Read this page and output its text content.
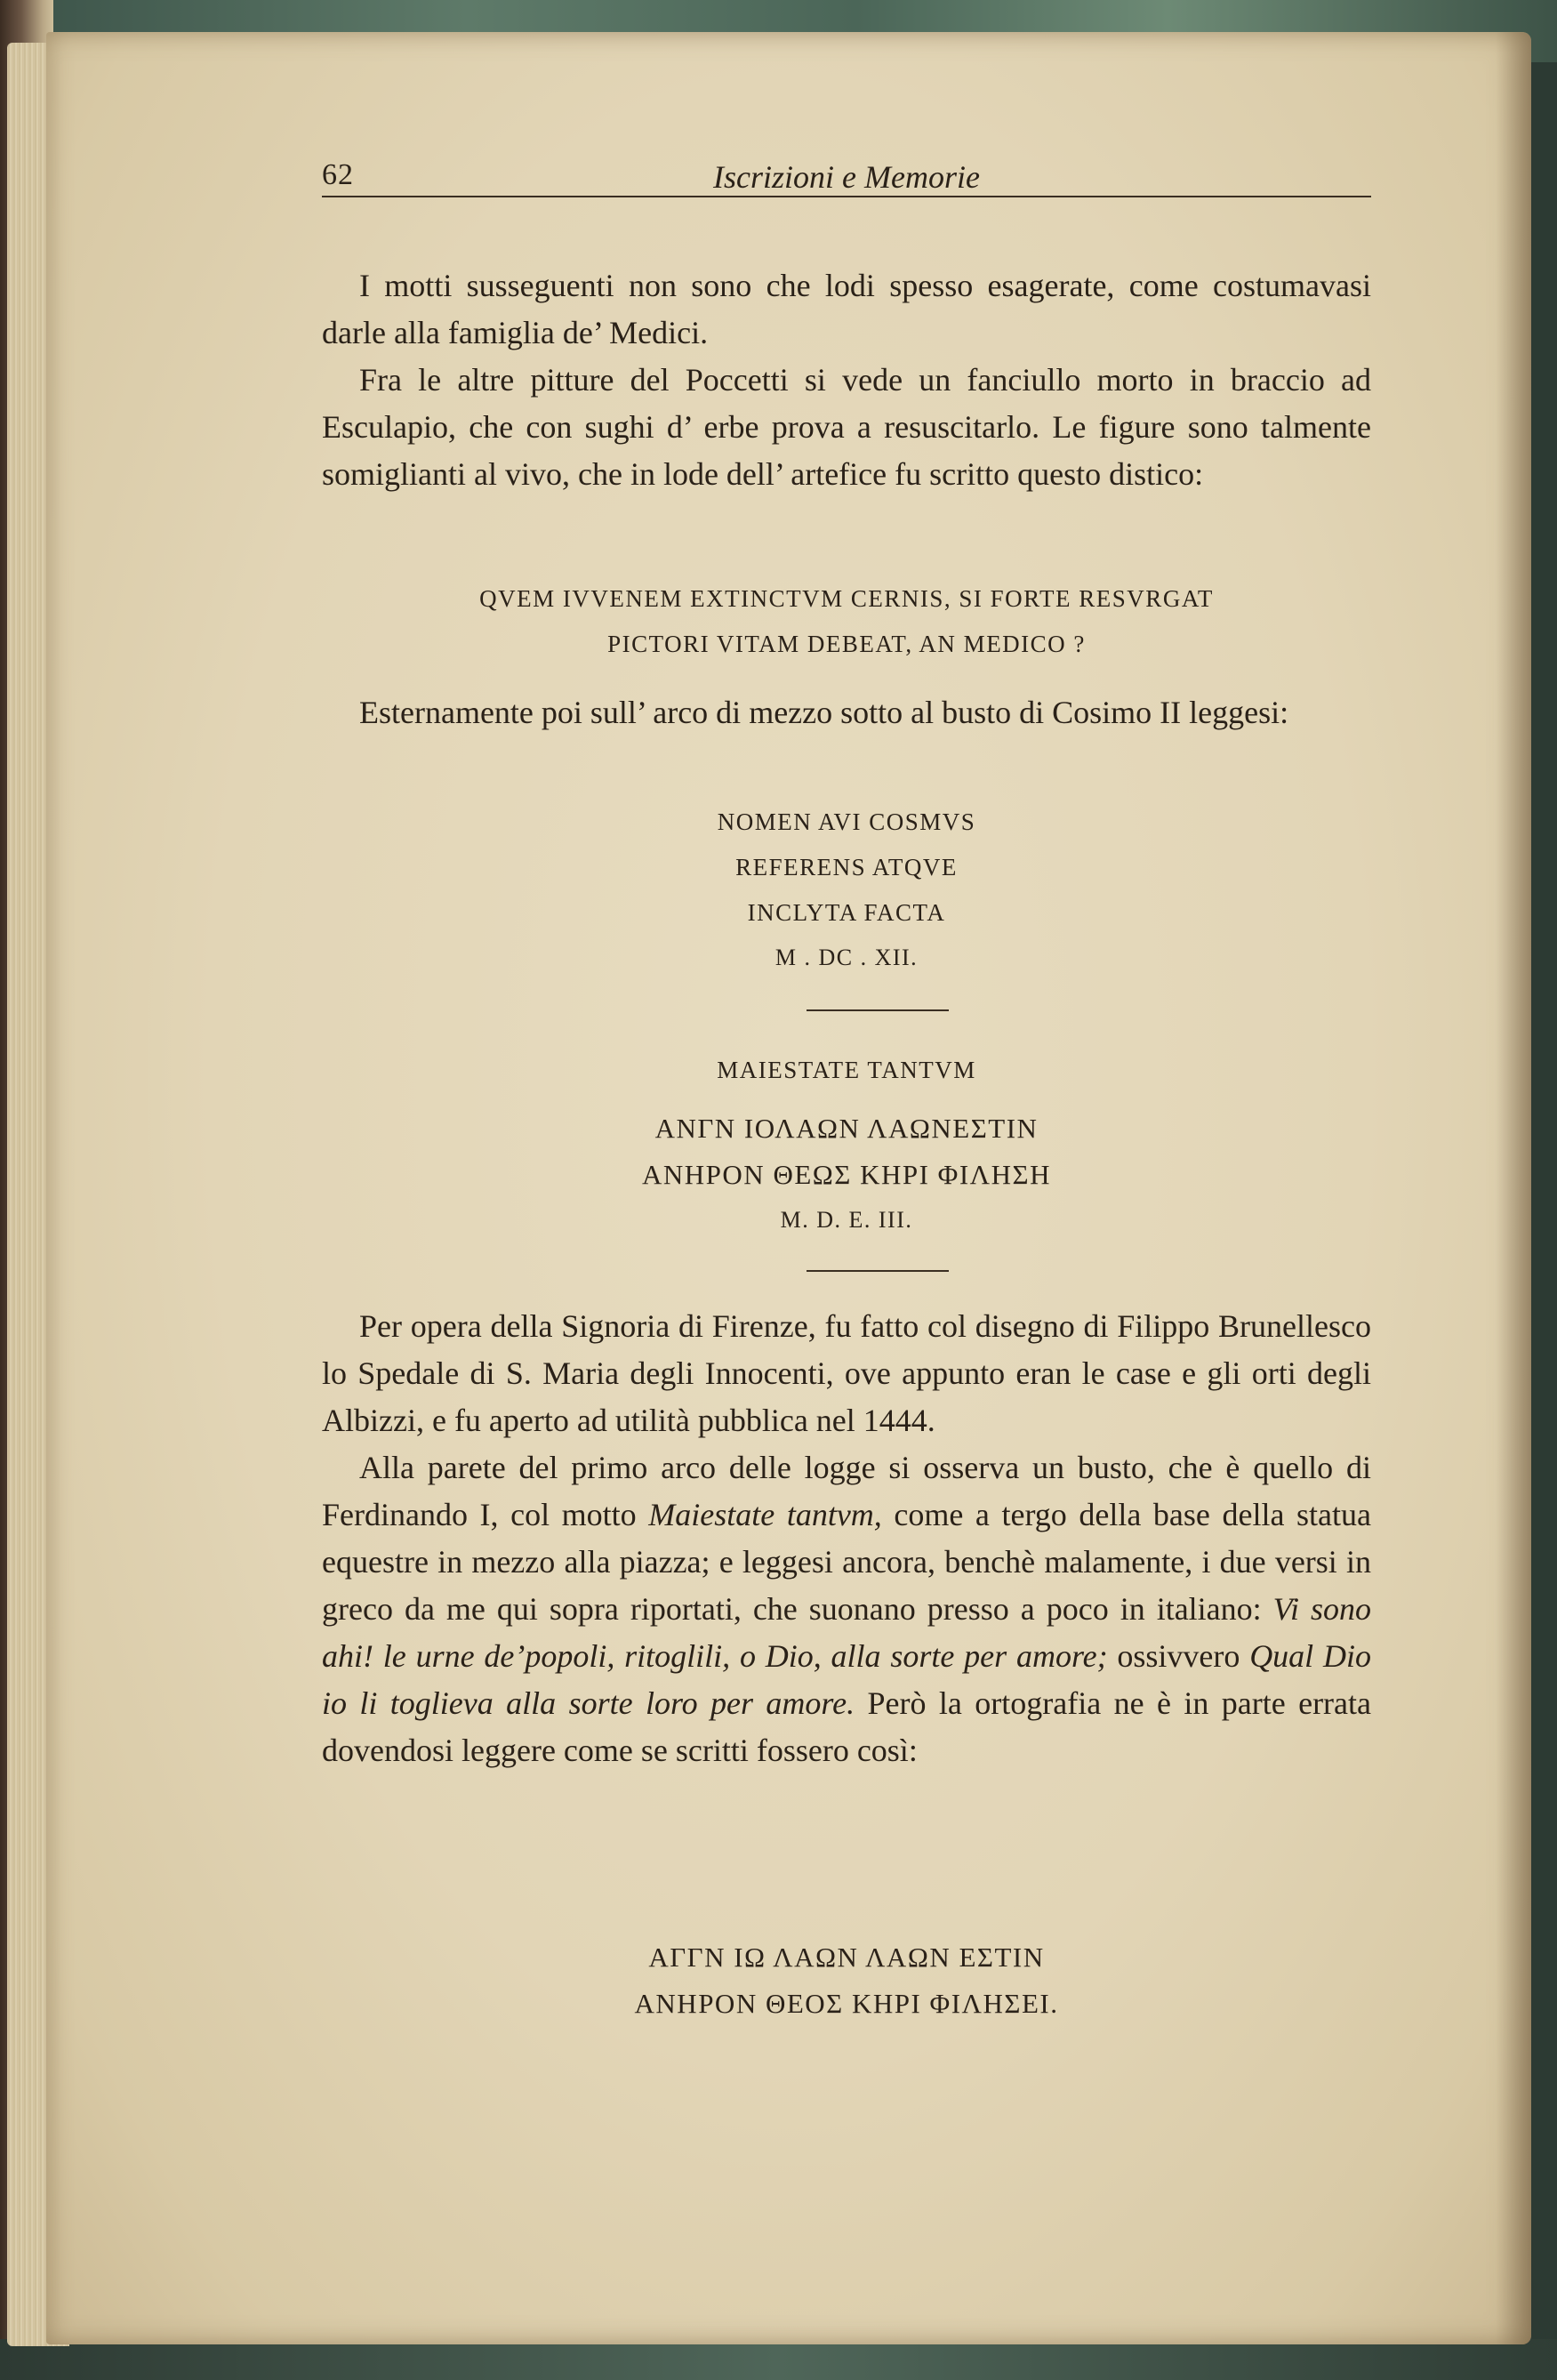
62	Iscrizioni e Memorie

I motti susseguenti non sono che lodi spesso esagerate, come costumavasi darle alla famiglia de’ Medici.

Fra le altre pitture del Poccetti si vede un fanciullo morto in braccio ad Esculapio, che con sughi d’ erbe prova a resuscitarlo. Le figure sono talmente somiglianti al vivo, che in lode dell’ artefice fu scritto questo distico:

QVEM IVVENEM EXTINCTVM CERNIS, SI FORTE RESVRGAT
PICTORI VITAM DEBEAT, AN MEDICO ?

Esternamente poi sull’ arco di mezzo sotto al busto di Cosimo II leggesi:

NOMEN AVI COSMVS
REFERENS ATQVE
INCLYTA FACTA
M . DC . XII.
MAIESTATE TANTVM
ΑΝΓΝ ΙΟΛΑΩΝ ΛΑΩΝΕΣΤΙΝ
ΑΝΗΡΟΝ ΘΕΩΣ ΚΗΡΙ ΦΙΛΗΣΗ
M. D. E. III.

Per opera della Signoria di Firenze, fu fatto col disegno di Filippo Brunellesco lo Spedale di S. Maria degli Innocenti, ove appunto eran le case e gli orti degli Albizzi, e fu aperto ad utilità pubblica nel 1444.

Alla parete del primo arco delle logge si osserva un busto, che è quello di Ferdinando I, col motto Maiestate tantvm, come a tergo della base della statua equestre in mezzo alla piazza; e leggesi ancora, benchè malamente, i due versi in greco da me qui sopra riportati, che suonano presso a poco in italiano: Vi sono ahi! le urne de’popoli, ritoglili, o Dio, alla sorte per amore; ossivvero Qual Dio io li toglieva alla sorte loro per amore. Però la ortografia ne è in parte errata dovendosi leggere come se scritti fossero così:

ΑΓΓΝ ΙΩ ΛΑΩΝ ΛΑΩΝ ΕΣΤΙΝ
ΑΝΗΡΟΝ ΘΕΟΣ ΚΗΡΙ ΦΙΛΗΣΕΙ.
